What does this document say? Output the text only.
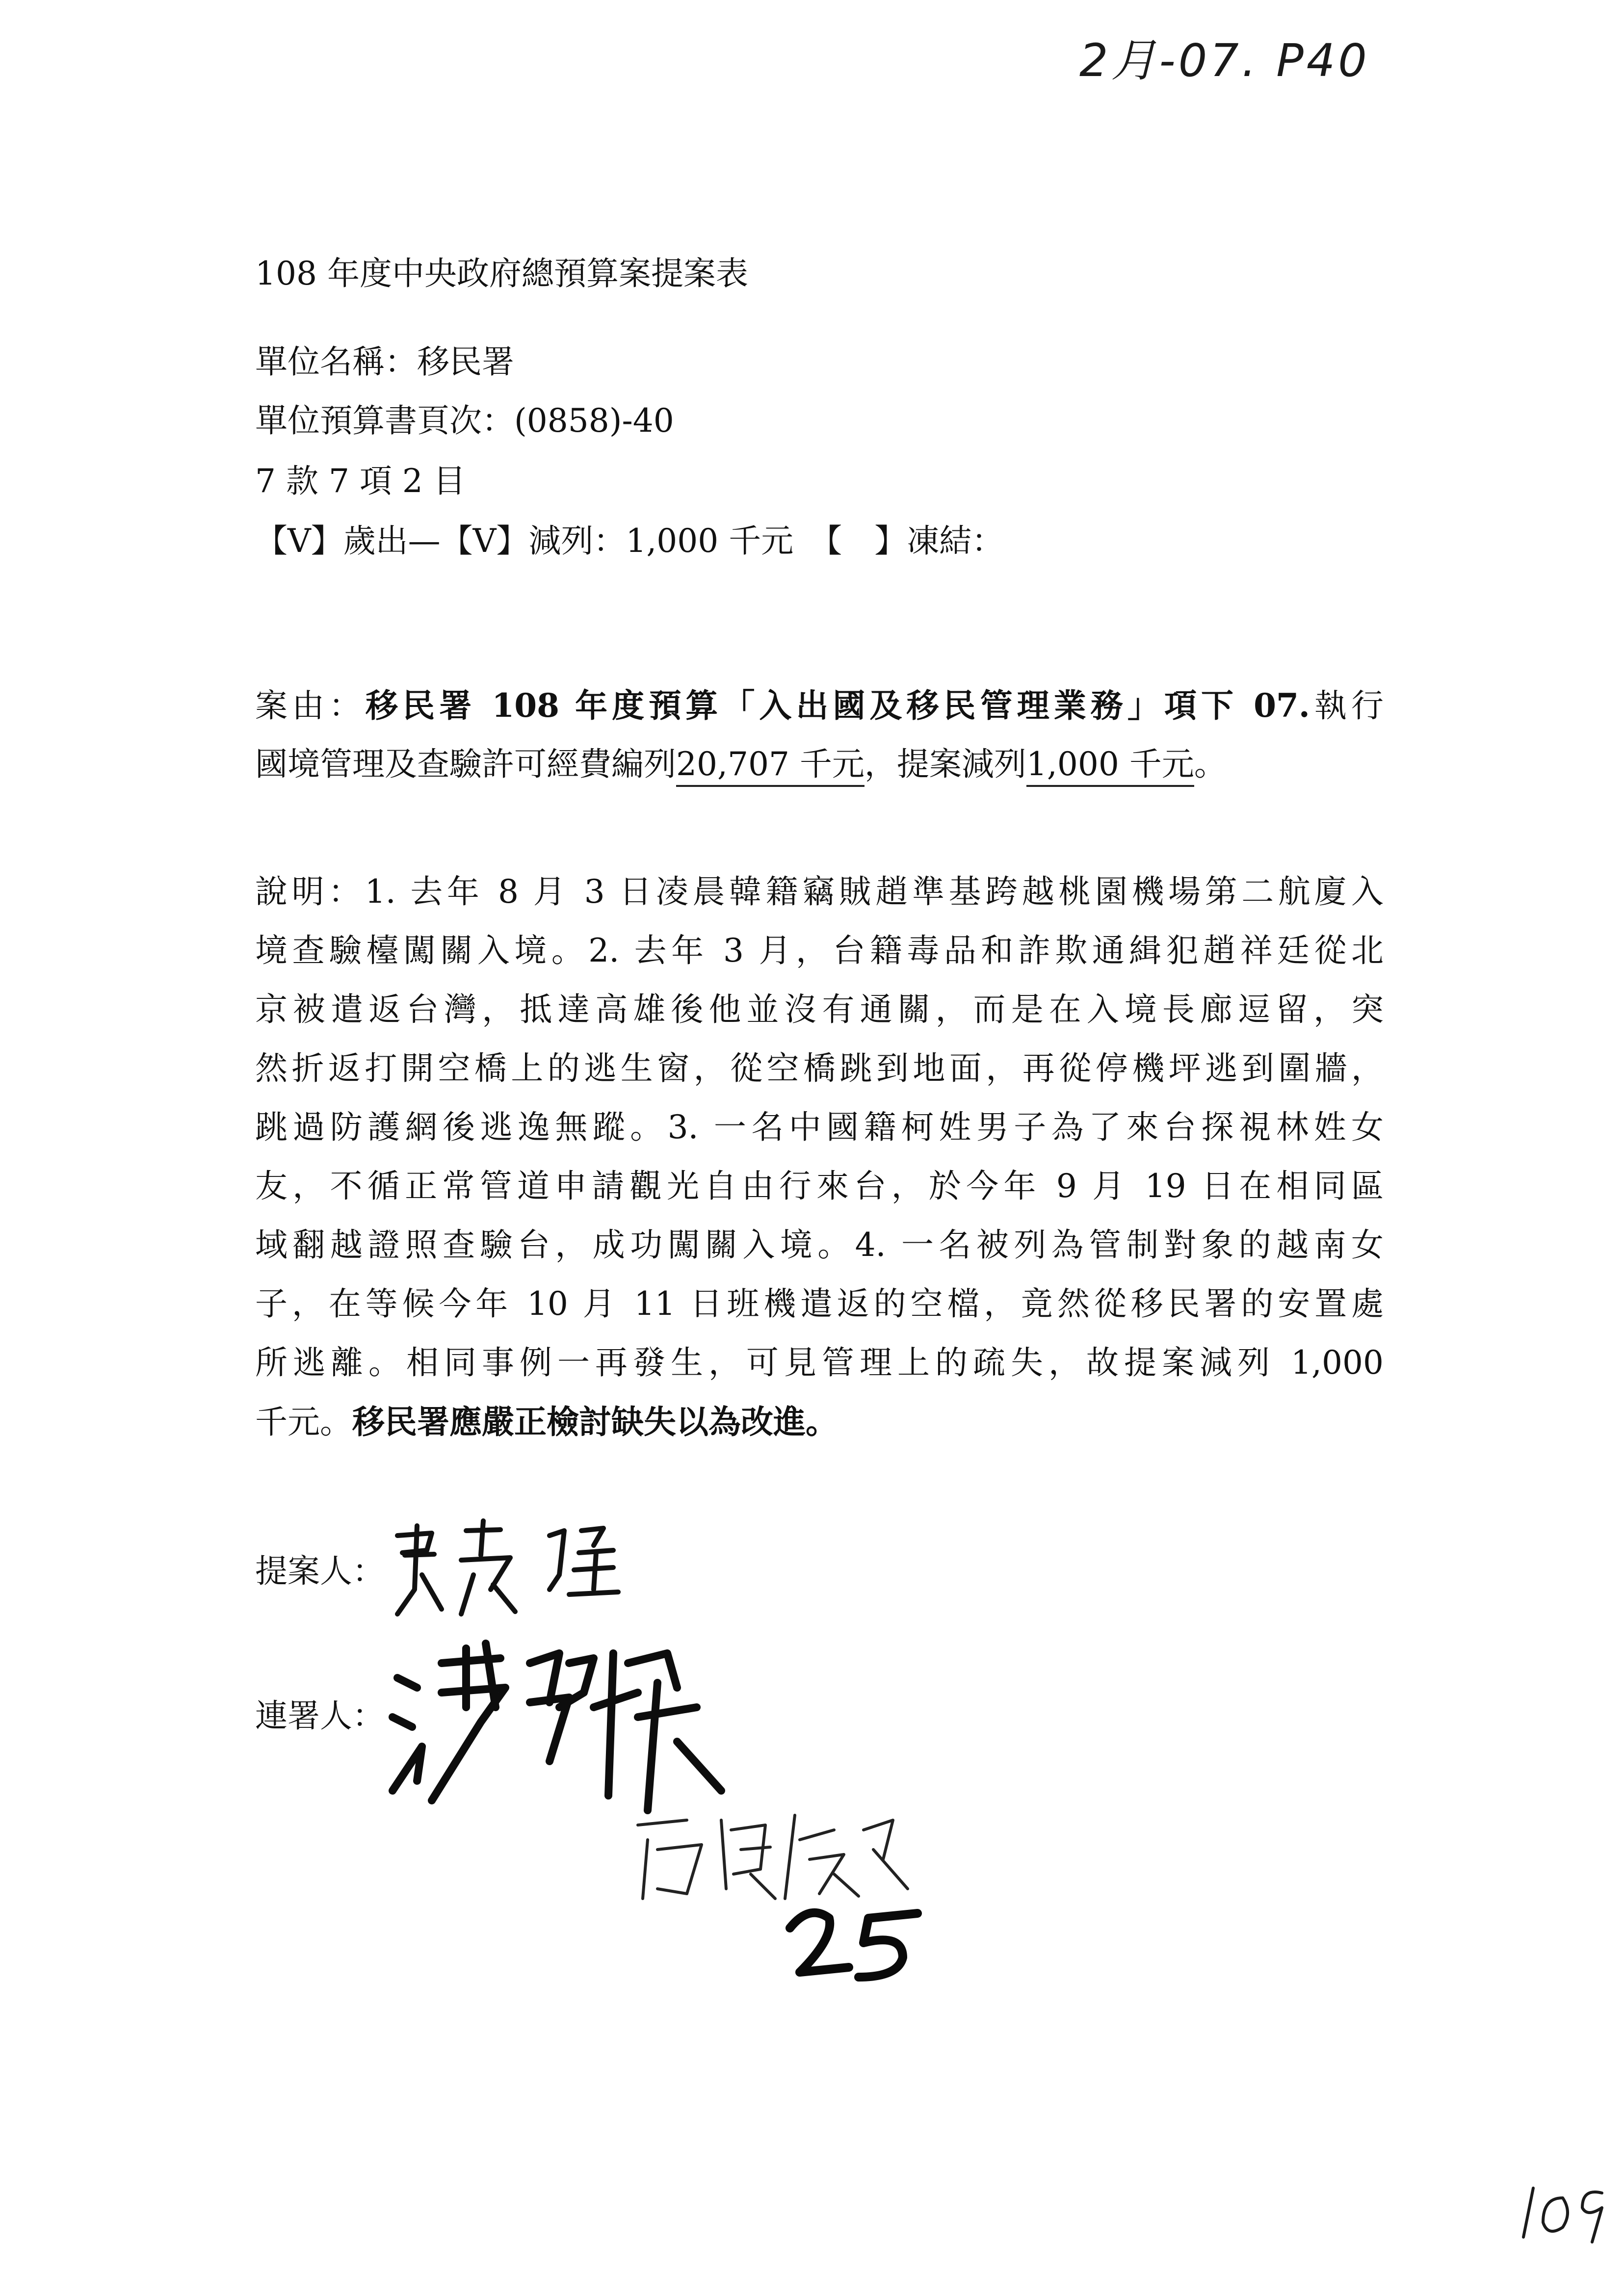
2月-07. P40
108 年度中央政府總預算案提案表
單位名稱：移民署
單位預算書頁次：(0858)-40
7 款 7 項 2 目
【V】歲出—【V】減列：1,000 千元　【　】凍結：
案由：移民署 108 年度預算「入出國及移民管理業務」項下 07.執行
國境管理及查驗許可經費編列20,707 千元，提案減列1,000 千元。
說明：1. 去年 8 月 3 日凌晨韓籍竊賊趙準基跨越桃園機場第二航廈入
境查驗檯闖關入境。2. 去年 3 月，台籍毒品和詐欺通緝犯趙祥廷從北
京被遣返台灣，抵達高雄後他並沒有通關，而是在入境長廊逗留，突
然折返打開空橋上的逃生窗，從空橋跳到地面，再從停機坪逃到圍牆，
跳過防護網後逃逸無蹤。3. 一名中國籍柯姓男子為了來台探視林姓女
友，不循正常管道申請觀光自由行來台，於今年 9 月 19 日在相同區
域翻越證照查驗台，成功闖關入境。4. 一名被列為管制對象的越南女
子，在等候今年 10 月 11 日班機遣返的空檔，竟然從移民署的安置處
所逃離。相同事例一再發生，可見管理上的疏失，故提案減列 1,000
千元。移民署應嚴正檢討缺失以為改進。
提案人：
連署人：
